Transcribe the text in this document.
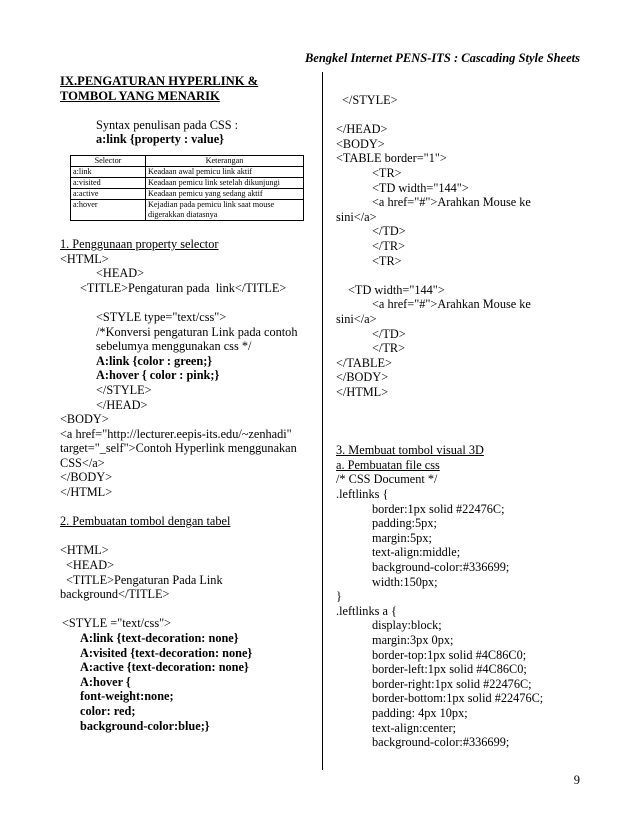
Bengkel Internet PENS-ITS : Cascading Style Sheets
IX.PENGATURAN HYPERLINK &
TOMBOL YANG MENARIK

Syntax penulisan pada CSS :
a:link {property : value}
Selector	Keterangan
a:link	Keadaan awal pemicu link aktif
a:visited	Keadaan pemicu link setelah dikunjungi
a:active	Keadaan pemicu yang sedang aktif
a:hover	Kejadian pada pemicu link saat mouse digerakkan diatasnya

1. Penggunaan property selector
<HTML>
<HEAD>
<TITLE>Pengaturan pada  link</TITLE>
<STYLE type="text/css">
/*Konversi pengaturan Link pada contoh
sebelumya menggunakan css */
A:link {color : green;}
A:hover { color : pink;}
</STYLE>
</HEAD>
<BODY>
<a href="http://lecturer.eepis-its.edu/~zenhadi"
target="_self">Contoh Hyperlink menggunakan
CSS</a>
</BODY>
</HTML>

2. Pembuatan tombol dengan tabel

<HTML>
<HEAD>
<TITLE>Pengaturan Pada Link
background</TITLE>
<STYLE ="text/css">
A:link {text-decoration: none}
A:visited {text-decoration: none}
A:active {text-decoration: none}
A:hover {
font-weight:none;
color: red;
background-color:blue;}
</STYLE>
</HEAD>
<BODY>
<TABLE border="1">
<TR>
<TD width="144">
<a href="#">Arahkan Mouse ke
sini</a>
</TD>
</TR>
<TR>
<TD width="144">
<a href="#">Arahkan Mouse ke
sini</a>
</TD>
</TR>
</TABLE>
</BODY>
</HTML>

3. Membuat tombol visual 3D
a. Pembuatan file css
/* CSS Document */
.leftlinks {
border:1px solid #22476C;
padding:5px;
margin:5px;
text-align:middle;
background-color:#336699;
width:150px;
}
.leftlinks a {
display:block;
margin:3px 0px;
border-top:1px solid #4C86C0;
border-left:1px solid #4C86C0;
border-right:1px solid #22476C;
border-bottom:1px solid #22476C;
padding: 4px 10px;
text-align:center;
background-color:#336699;
9
